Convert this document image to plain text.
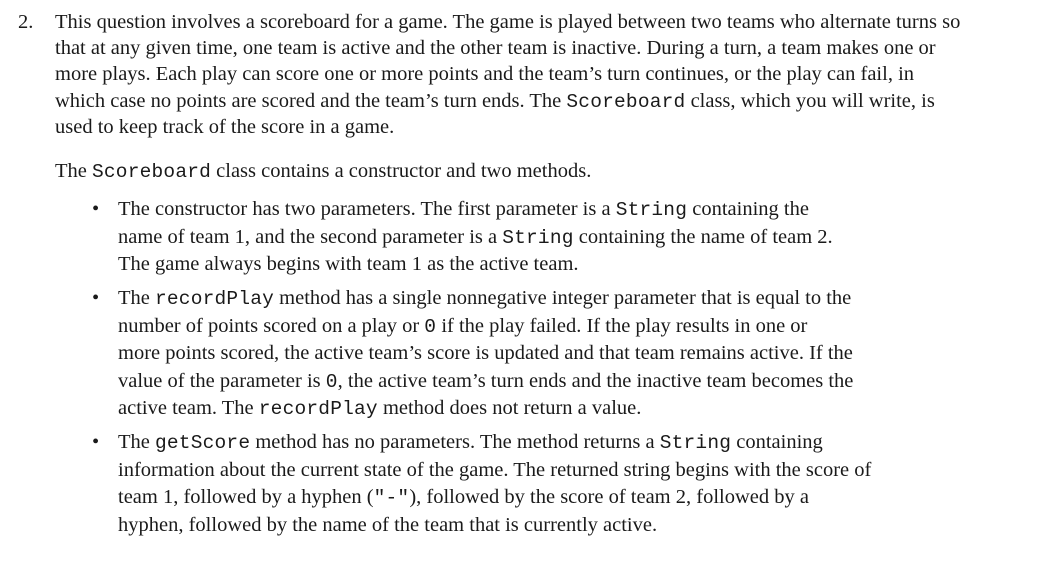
2. This question involves a scoreboard for a game. The game is played between two teams who alternate turns so
that at any given time, one team is active and the other team is inactive. During a turn, a team makes one or
more plays. Each play can score one or more points and the team’s turn continues, or the play can fail, in
which case no points are scored and the team’s turn ends. The Scoreboard class, which you will write, is
used to keep track of the score in a game.
The Scoreboard class contains a constructor and two methods.
• The constructor has two parameters. The first parameter is a String containing the
name of team 1, and the second parameter is a String containing the name of team 2.
The game always begins with team 1 as the active team.
• The recordPlay method has a single nonnegative integer parameter that is equal to the
number of points scored on a play or 0 if the play failed. If the play results in one or
more points scored, the active team’s score is updated and that team remains active. If the
value of the parameter is 0, the active team’s turn ends and the inactive team becomes the
active team. The recordPlay method does not return a value.
• The getScore method has no parameters. The method returns a String containing
information about the current state of the game. The returned string begins with the score of
team 1, followed by a hyphen ("-"), followed by the score of team 2, followed by a
hyphen, followed by the name of the team that is currently active.
